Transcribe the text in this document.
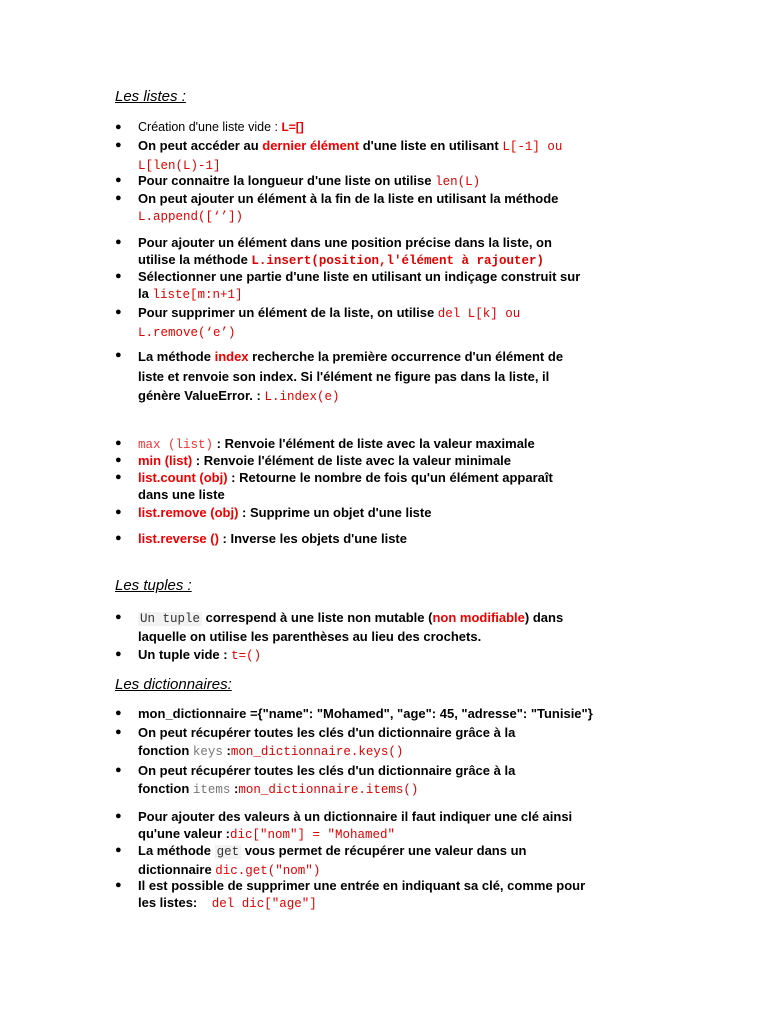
Les listes :
● Création d'une liste vide : L=[]
● On peut accéder au dernier élément d'une liste en utilisant L[-1] ou
L[len(L)-1]
● Pour connaitre la longueur d'une liste on utilise len(L)
● On peut ajouter un élément à la fin de la liste en utilisant la méthode
L.append([‘’])
● Pour ajouter un élément dans une position précise dans la liste, on
utilise la méthode L.insert(position,l'élément à rajouter)
● Sélectionner une partie d'une liste en utilisant un indiçage construit sur
la liste[m:n+1]
● Pour supprimer un élément de la liste, on utilise del L[k] ou
L.remove(‘e’)
● La méthode index recherche la première occurrence d'un élément de
liste et renvoie son index. Si l'élément ne figure pas dans la liste, il
génère ValueError. : L.index(e)
● max (list) : Renvoie l'élément de liste avec la valeur maximale
● min (list) : Renvoie l'élément de liste avec la valeur minimale
● list.count (obj) : Retourne le nombre de fois qu'un élément apparaît
dans une liste
● list.remove (obj) : Supprime un objet d'une liste
● list.reverse () : Inverse les objets d'une liste
Les tuples :
● Un tuple correspend à une liste non mutable (non modifiable) dans
laquelle on utilise les parenthèses au lieu des crochets.
● Un tuple vide : t=()
Les dictionnaires:
● mon_dictionnaire ={"name": "Mohamed", "age": 45, "adresse": "Tunisie"}
● On peut récupérer toutes les clés d'un dictionnaire grâce à la
fonction keys :mon_dictionnaire.keys()
● On peut récupérer toutes les clés d'un dictionnaire grâce à la
fonction items :mon_dictionnaire.items()
● Pour ajouter des valeurs à un dictionnaire il faut indiquer une clé ainsi
qu'une valeur :dic["nom"] = "Mohamed"
● La méthode get vous permet de récupérer une valeur dans un
dictionnaire dic.get("nom")
● Il est possible de supprimer une entrée en indiquant sa clé, comme pour
les listes:    del dic["age"]
